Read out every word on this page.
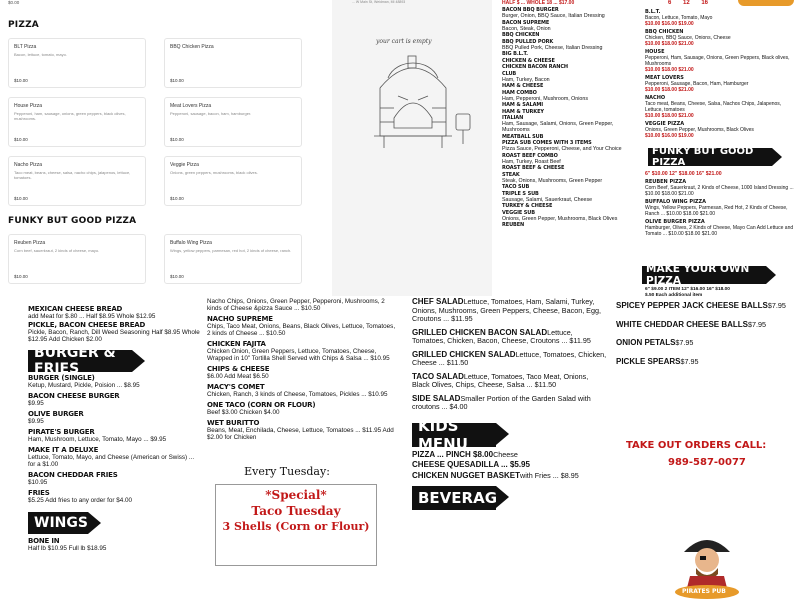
$0.00
PIZZA
BLT Pizza
Bacon, lettuce, tomato, mayo.
$10.00
BBQ Chicken Pizza
$10.00
House Pizza
Pepperoni, ham, sausage, onions, green peppers, black olives, mushrooms.
$10.00
Meat Lovers Pizza
Pepperoni, sausage, bacon, ham, hamburger.
$10.00
Nacho Pizza
Taco meat, beans, cheese, salsa, nacho chips, jalapenos, lettuce, tomatoes.
$10.00
Veggie Pizza
Onions, green peppers, mushrooms, black olives.
$10.00
FUNKY BUT GOOD PIZZA
Reuben Pizza
Corn beef, sauerkraut, 2 kinds of cheese, mayo.
$10.00
Buffalo Wing Pizza
Wings, yellow peppers, parmesan, red hot, 2 kinds of cheese, ranch.
$10.00
... W Main St, Weidman, MI 48893
your cart is empty
HALF $ ... WHOLE 18 ... $17.00
BACON BBQ BURGER
Burger, Onion, BBQ Sauce, Italian Dressing
BACON SUPREME
Bacon, Steak, Onion
BBQ CHICKEN
BBQ PULLED PORK
BBQ Pulled Pork, Cheese, Italian Dressing
BIG B.L.T.
CHICKEN & CHEESE
CHICKEN BACON RANCH
CLUB
Ham, Turkey, Bacon
HAM & CHEESE
HAM COMBO
Ham, Pepperoni, Mushroom, Onions
HAM & SALAMI
HAM & TURKEY
ITALIAN
Ham, Sausage, Salami, Onions, Green Pepper, Mushrooms
MEATBALL SUB
PIZZA SUB COMES WITH 3 ITEMS
Pizza Sauce, Pepperoni, Cheese, and Your Choice
ROAST BEEF COMBO
Ham, Turkey, Roast Beef
ROAST BEEF & CHEESE
STEAK
Steak, Onions, Mushrooms, Green Pepper
TACO SUB
TRIPLE S SUB
Sausage, Salami, Sauerkraut, Cheese
TURKEY & CHEESE
VEGGIE SUB
Onions, Green Pepper, Mushrooms, Black Olives
REUBEN
6 12 16
B.L.T.
Bacon, Lettuce, Tomato, Mayo
$10.00 $16.00 $19.00
BBQ CHICKEN
Chicken, BBQ Sauce, Onions, Cheese
$10.00 $18.00 $21.00
HOUSE
Pepperoni, Ham, Sausage, Onions, Green Peppers, Black olives, Mushrooms
$10.00 $18.00 $21.00
MEAT LOVERS
Pepperoni, Sausage, Bacon, Ham, Hamburger
$10.00 $18.00 $21.00
NACHO
Taco meat, Beans, Cheese, Salsa, Nachos Chips, Jalapenos, Lettuce, tomatoes
$10.00 $18.00 $21.00
VEGGIE PIZZA
Onions, Green Pepper, Mushrooms, Black Olives
$10.00 $16.00 $19.00
FUNKY BUT GOOD PIZZA
6" $10.00 12" $18.00 16" $21.00
REUBEN PIZZA
Corn Beef, Sauerkraut, 2 Kinds of Cheese, 1000 Island Dressing ... $10.00 $18.00 $21.00
BUFFALO WING PIZZA
Wings, Yellow Peppers, Parmesan, Red Hot, 2 Kinds of Cheese, Ranch ... $10.00 $18.00 $21.00
OLIVE BURGER PIZZA
Hamburger, Olives, 2 Kinds of Cheese, Mayo Can Add Lettuce and Tomato ... $10.00 $18.00 $21.00
MAKE YOUR OWN PIZZA
6" $9.00 2 ITEM 12" $16.00 16" $18.00
$.50 Each additional item
MEXICAN CHEESE BREAD
add Meat for $.80 ... Half $8.95 Whole $12.95
PICKLE, BACON CHEESE BREAD
Pickle, Bacon, Ranch, Dill Weed Seasoning Half $8.95 Whole $12.95 Add Chicken $2.00
BURGER & FRIES
BURGER (SINGLE)
Ketup, Mustard, Pickle, Poision ... $8.95
BACON CHEESE BURGER
$9.95
OLIVE BURGER
$9.95
PIRATE'S BURGER
Ham, Mushroom, Lettuce, Tomato, Mayo ... $9.95
MAKE IT A DELUXE
Lettuce, Tomato, Mayo, and Cheese (American or Swiss) ... for a $1.00
BACON CHEDDAR FRIES
$10.95
FRIES
$5.25 Add fries to any order for $4.00
WINGS
BONE IN
Half lb $10.95 Full lb $18.95
Nacho Chips, Onions, Green Pepper, Pepperoni, Mushrooms, 2 kinds of Cheese &pizza Sauce ... $10.50
NACHO SUPREME
Chips, Taco Meat, Onions, Beans, Black Olives, Lettuce, Tomatoes, 2 kinds of Cheese ... $10.50
CHICKEN FAJITA
Chicken Onion, Green Peppers, Lettuce, Tomatoes, Cheese, Wrapped in 10" Tortilla Shell Served with Chips & Salsa ... $10.95
CHIPS & CHEESE
$6.00 Add Meat $6.50
MACY'S COMET
Chicken, Ranch, 3 kinds of Cheese, Tomatoes, Pickles ... $10.95
ONE TACO (CORN OR FLOUR)
Beef $3.00 Chicken $4.00
WET BURITTO
Beans, Meat, Enchilada, Cheese, Lettuce, Tomatoes ... $11.95 Add $2.00 for Chicken
Every Tuesday:
*Special*
Taco Tuesday
3 Shells (Corn or Flour)
CHEF SALADLettuce, Tomatoes, Ham, Salami, Turkey, Onions, Mushrooms, Green Peppers, Cheese, Bacon, Egg, Croutons ... $11.95
GRILLED CHICKEN BACON SALADLettuce, Tomatoes, Chicken, Bacon, Cheese, Croutons ... $11.95
GRILLED CHICKEN SALADLettuce, Tomatoes, Chicken, Cheese ... $11.50
TACO SALADLettuce, Tomatoes, Taco Meat, Onions, Black Olives, Chips, Cheese, Salsa ... $11.50
SIDE SALADSmaller Portion of the Garden Salad with croutons ... $4.00
KIDS MENU
PIZZA ... PINCH $8.00Cheese
CHEESE QUESADILLA ... $5.95
CHICKEN NUGGET BASKETwith Fries ... $8.95
BEVERAGES
SPICEY PEPPER JACK CHEESE BALLS$7.95
WHITE CHEDDAR CHEESE BALLS$7.95
ONION PETALS$7.95
PICKLE SPEARS$7.95
TAKE OUT ORDERS CALL:
989-587-0077
PIRATES PUB
